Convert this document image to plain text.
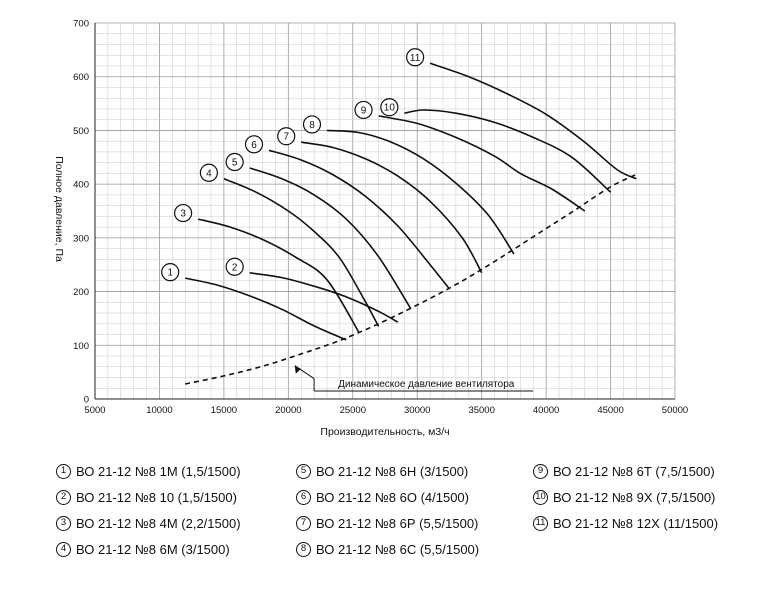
5000	10000	15000	20000	25000	30000	35000	40000	45000	50000
0
100
200
300
400
500
600
700
Производительность, м3/ч
Полное давление, Па
1	2
3
4
5
6
7
8
9 10
11
Динамическое давление вентилятора
1 ВО 21-12 №8 1М (1,5/1500)
2 ВО 21-12 №8 10 (1,5/1500)
3 ВО 21-12 №8 4М (2,2/1500)
4 ВО 21-12 №8 6М (3/1500)
5 ВО 21-12 №8 6Н (3/1500)
6 ВО 21-12 №8 6О (4/1500)
7 ВО 21-12 №8 6Р (5,5/1500)
8 ВО 21-12 №8 6С (5,5/1500)
9 ВО 21-12 №8 6Т (7,5/1500)
10 ВО 21-12 №8 9Х (7,5/1500)
11 ВО 21-12 №8 12Х (11/1500)
